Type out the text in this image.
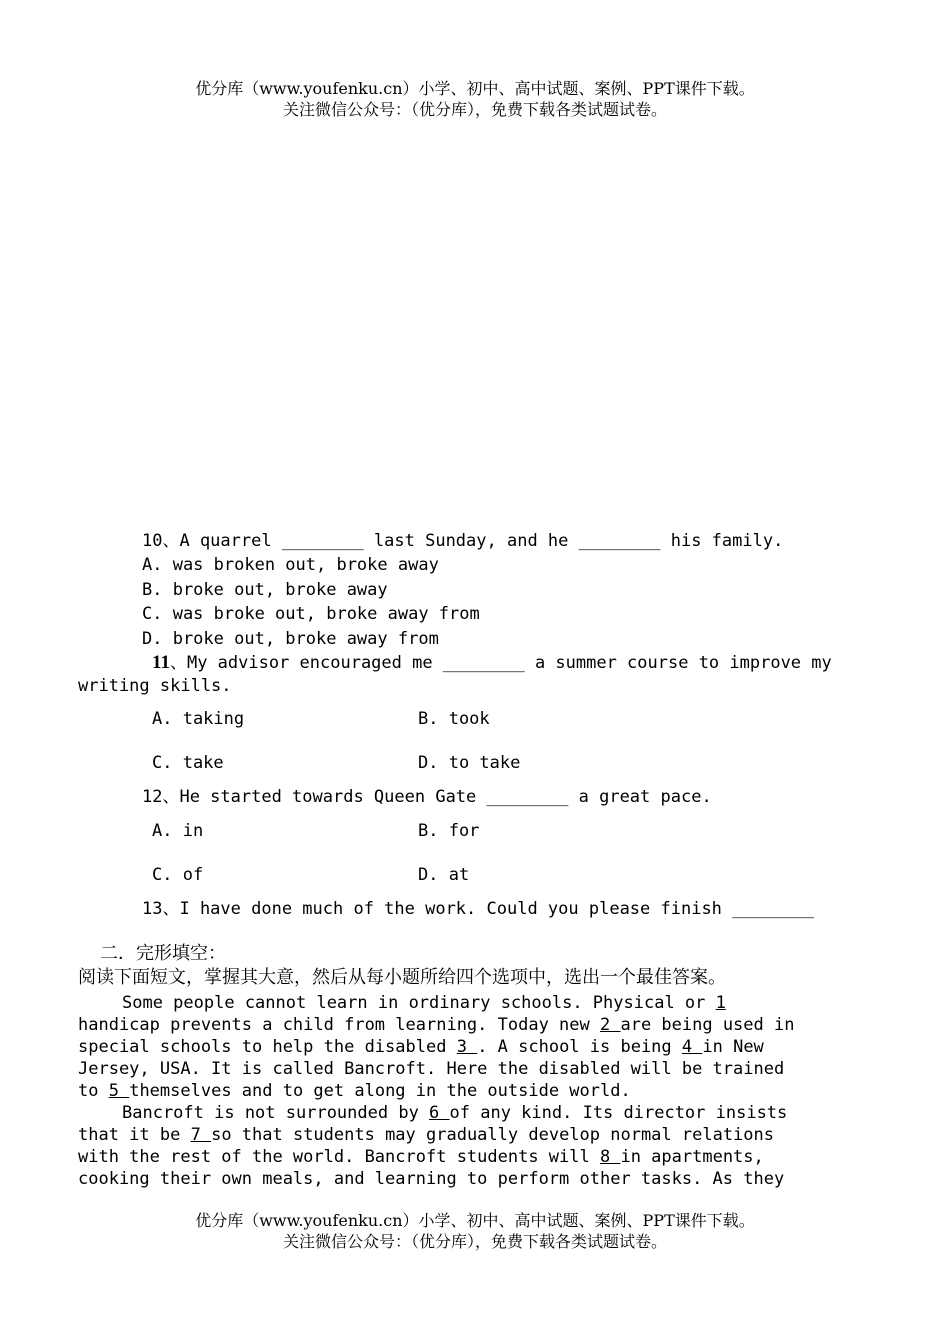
优分库（www.youfenku.cn）小学、初中、高中试题、案例、PPT课件下载。
关注微信公众号：（优分库），免费下载各类试题试卷。
10、A quarrel ________ last Sunday, and he ________ his family.
A. was broken out, broke away
B. broke out, broke away
C. was broke out, broke away from
D. broke out, broke away from
11、My advisor encouraged me ________ a summer course to improve my writing skills.
A. taking	B. took
C. take	D. to take
12、He started towards Queen Gate ________ a great pace.
A. in	B. for
C. of	D. at
13、I have done much of the work. Could you please finish ________
二．完形填空：
阅读下面短文，掌握其大意，然后从每小题所给四个选项中，选出一个最佳答案。
Some people cannot learn in ordinary schools. Physical or 1
handicap prevents a child from learning. Today new 2 are being used in
special schools to help the disabled 3 . A school is being 4 in New
Jersey, USA. It is called Bancroft. Here the disabled will be trained
to 5 themselves and to get along in the outside world.
Bancroft is not surrounded by 6 of any kind. Its director insists
that it be 7 so that students may gradually develop normal relations
with the rest of the world. Bancroft students will 8 in apartments,
cooking their own meals, and learning to perform other tasks. As they
优分库（www.youfenku.cn）小学、初中、高中试题、案例、PPT课件下载。
关注微信公众号：（优分库），免费下载各类试题试卷。
